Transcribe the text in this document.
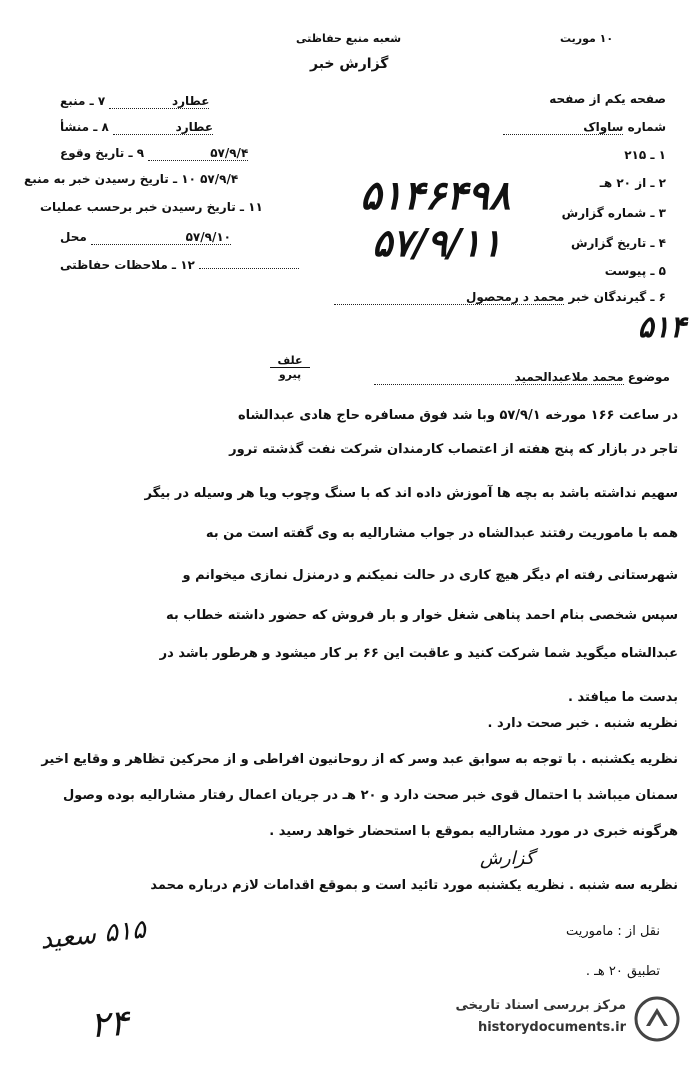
۱۰ موریت
شعبه منبع حفاظتی
گزارش خبر
عطارد ۷ ـ منبع
عطارد ۸ ـ منشأ
۵۷/۹/۴ ۹ ـ تاریخ وقوع
۵۷/۹/۴ ۱۰ ـ تاریخ رسیدن خبر به منبع
۱۱ ـ تاریخ رسیدن خبر برحسب عملیات
۵۷/۹/۱۰ محل
۱۲ ـ ملاحظات حفاظتی
صفحه یکم از صفحه
شماره ساواک
۱ ـ ۲۱۵
۲ ـ از ۲۰ هـ
۳ ـ شماره گزارش
۴ ـ تاریخ گزارش
۵ ـ پیوست
۶ ـ گیرندگان خبر محمد د رمحصول
۵۱۴۶۴۹۸
۵۷/۹/۱۱
۵۱۴
علف
پیرو	موضوع محمد ملاعبدالحمید
در ساعت ۱۶۶ مورخه ۵۷/۹/۱ وبا شد فوق مسافره حاج هادی عبدالشاه
تاجر در بازار که پنج هفته از اعتصاب کارمندان شرکت نفت گذشته ترور
سهیم نداشته باشد به بچه ها آموزش داده اند که با سنگ وچوب ویا هر وسیله در بیگر
همه با ماموریت رفتند عبدالشاه در جواب مشارالیه به وی گفته است من به
شهرستانی رفته ام دیگر هیچ کاری در حالت نمیکنم و درمنزل نمازی میخوانم و
سپس شخصی بنام احمد پناهی شغل خوار و بار فروش که حضور داشته خطاب به
عبدالشاه میگوید شما شرکت کنید و عاقبت این ۶۶ بر کار میشود و هرطور باشد در
بدست ما میافتد .
نظریه شنبه . خبر صحت دارد .
نظریه یکشنبه . با توجه به سوابق عبد وسر که از روحانیون افراطی و از محرکین تظاهر و وقایع اخیر سمنان میباشد با احتمال قوی خبر صحت دارد و ۲۰ هـ در جریان اعمال رفتار مشارالیه بوده وصول هرگونه خبری در مورد مشارالیه بموقع با استحضار خواهد رسید .
نظریه سه شنبه . نظریه یکشنبه مورد تائید است و بموقع اقدامات لازم درباره محمد
گزارش
نقل از : ماموریت
تطبیق ۲۰ هـ .
۵۱۵ سعید
۲۴	مرکز بررسی اسناد تاریخی
historydocuments.ir
